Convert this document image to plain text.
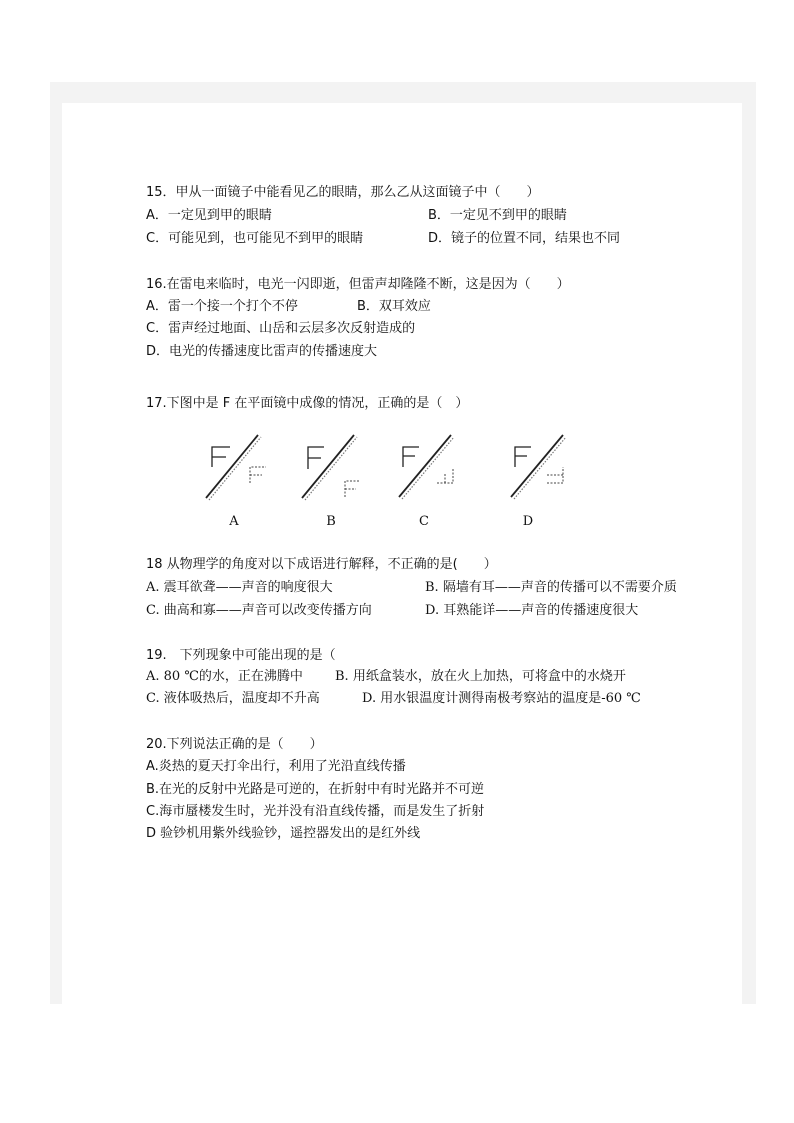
15．甲从一面镜子中能看见乙的眼睛，那么乙从这面镜子中（　　）
A．一定见到甲的眼睛	B．一定见不到甲的眼睛
C．可能见到，也可能见不到甲的眼睛	D．镜子的位置不同，结果也不同
16.在雷电来临时，电光一闪即逝，但雷声却隆隆不断，这是因为（　　）
A．雷一个接一个打个不停	B．双耳效应
C．雷声经过地面、山岳和云层多次反射造成的
D．电光的传播速度比雷声的传播速度大
17.下图中是 F 在平面镜中成像的情况，正确的是（　）
A	B	C	D
18 从物理学的角度对以下成语进行解释，不正确的是(　　）
A. 震耳欲聋——声音的响度很大	B. 隔墙有耳——声音的传播可以不需要介质
C. 曲高和寡——声音可以改变传播方向	D. 耳熟能详——声音的传播速度很大
19.　下列现象中可能出现的是（
A. 80 ℃的水，正在沸腾中 B. 用纸盒装水，放在火上加热，可将盒中的水烧开
C. 液体吸热后，温度却不升高	D. 用水银温度计测得南极考察站的温度是-60 ℃
20.下列说法正确的是（　　）
A.炎热的夏天打伞出行，利用了光沿直线传播
B.在光的反射中光路是可逆的，在折射中有时光路并不可逆
C.海市蜃楼发生时，光并没有沿直线传播，而是发生了折射
D 验钞机用紫外线验钞，遥控器发出的是红外线
